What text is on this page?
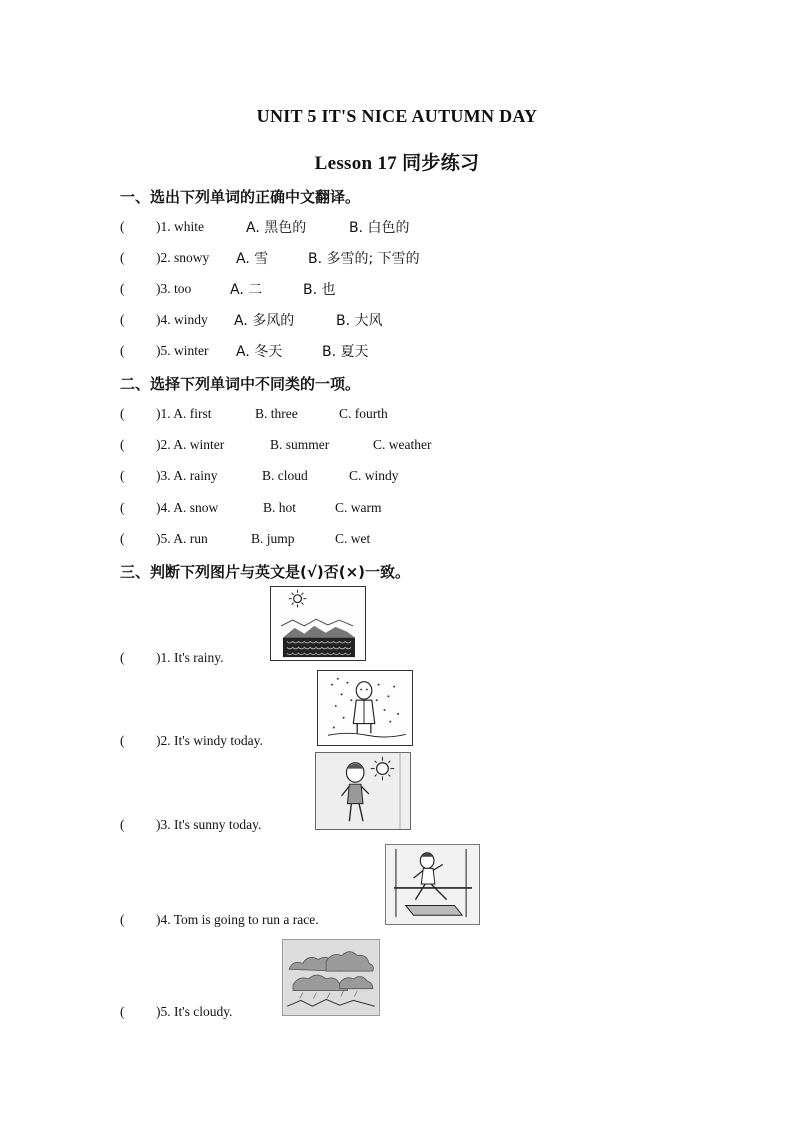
UNIT 5 IT'S NICE AUTUMN DAY
Lesson 17 同步练习
一、选出下列单词的正确中文翻译。
( )1. white	A. 黑色的	B. 白色的
( )2. snowy A. 雪	B. 多雪的; 下雪的
( )3. too	A. 二	B. 也
( )4. windy A. 多风的	B. 大风
( )5. winter A. 冬天	B. 夏天
二、选择下列单词中不同类的一项。
( )1. A. first	B. three	C. fourth
( )2. A. winter	B. summer	C. weather
( )3. A. rainy	B. cloud	C. windy
( )4. A. snow	B. hot	C. warm
( )5. A. run	B. jump	C. wet
三、判断下列图片与英文是(√)否(×)一致。
( )1. It's rainy.
( )2. It's windy today.
( )3. It's sunny today.
( )4. Tom is going to run a race.
( )5. It's cloudy.
